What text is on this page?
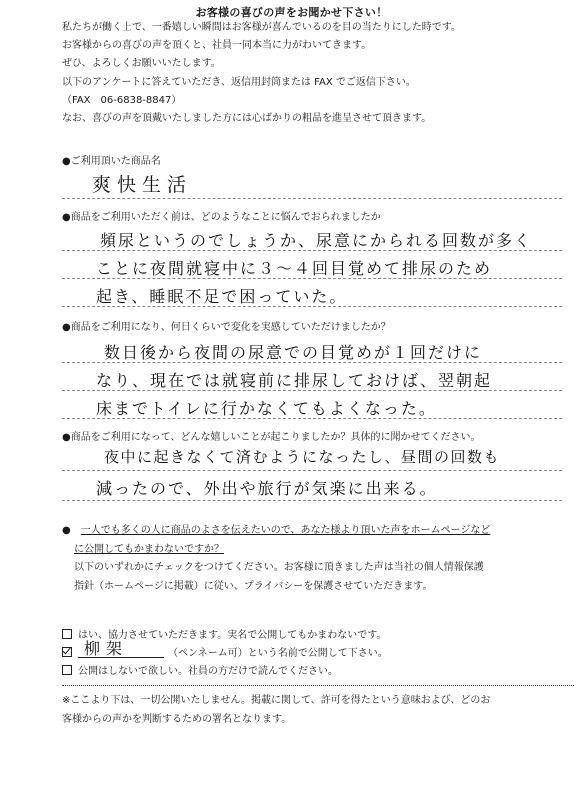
お客様の喜びの声をお聞かせ下さい！
私たちが働く上で、一番嬉しい瞬間はお客様が喜んでいるのを目の当たりにした時です。
お客様からの喜びの声を頂くと、社員一同本当に力がわいてきます。
ぜひ、よろしくお願いいたします。
以下のアンケートに答えていただき、返信用封筒または FAX でご返信下さい。
（FAX　06-6838-8847）
なお、喜びの声を頂戴いたしました方には心ばかりの粗品を進呈させて頂きます。
●ご利用頂いた商品名
爽快生活
●商品をご利用いただく前は、どのようなことに悩んでおられましたか
頻尿というのでしょうか、尿意にかられる回数が多く
ことに夜間就寝中に３～４回目覚めて排尿のため
起き、睡眠不足で困っていた。
●商品をご利用になり、何日くらいで変化を実感していただけましたか？
数日後から夜間の尿意での目覚めが１回だけに
なり、現在では就寝前に排尿しておけば、翌朝起
床までトイレに行かなくてもよくなった。
●商品をご利用になって、どんな嬉しいことが起こりましたか？具体的に聞かせてください。
夜中に起きなくて済むようになったし、昼間の回数も
減ったので、外出や旅行が気楽に出来る。
●　 一人でも多くの人に商品のよさを伝えたいので、あなた様より頂いた声をホームページなど
に公開してもかまわないですか？
以下のいずれかにチェックをつけてください。お客様に頂きました声は当社の個人情報保護
指針（ホームページに掲載）に従い、プライバシーを保護させていただきます。
はい、協力させていただきます。実名で公開してもかまわないです。
柳架	（ペンネーム可）という名前で公開して下さい。
公開はしないで欲しい。社員の方だけで読んでください。
※ここより下は、一切公開いたしません。掲載に関して、許可を得たという意味および、どのお
客様からの声かを判断するための署名となります。
